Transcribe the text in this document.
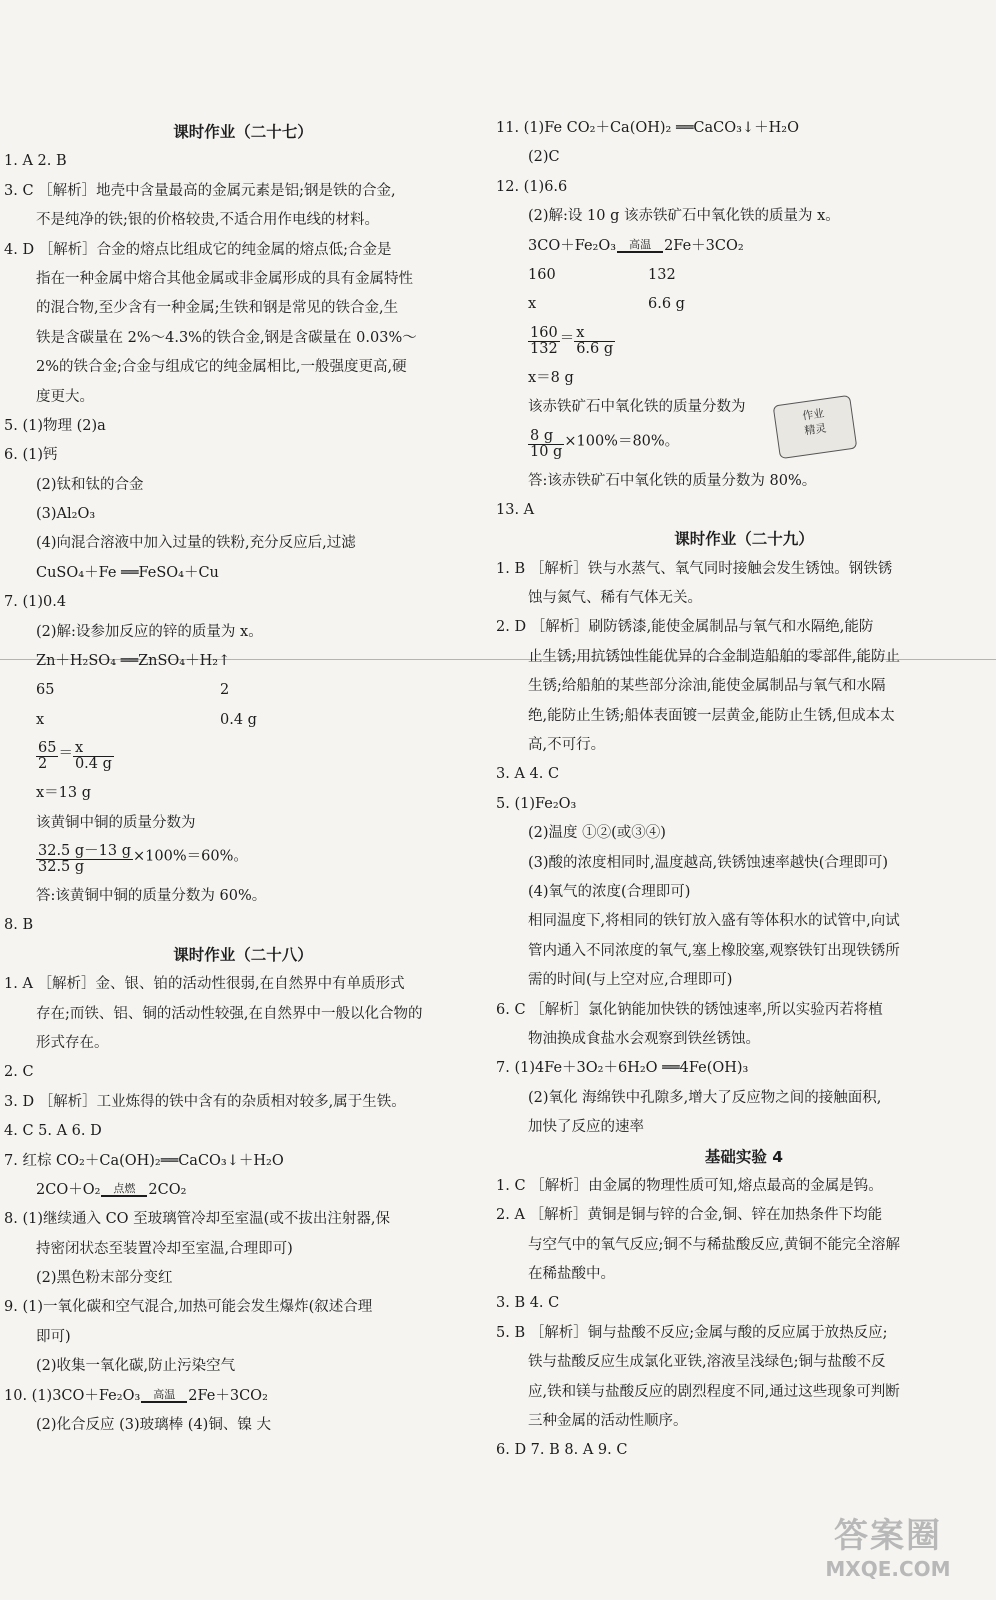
课时作业（二十七）
1. A 2. B
3. C ［解析］地壳中含量最高的金属元素是铝;钢是铁的合金,
不是纯净的铁;银的价格较贵,不适合用作电线的材料。
4. D ［解析］合金的熔点比组成它的纯金属的熔点低;合金是
指在一种金属中熔合其他金属或非金属形成的具有金属特性
的混合物,至少含有一种金属;生铁和钢是常见的铁合金,生
铁是含碳量在 2%～4.3%的铁合金,钢是含碳量在 0.03%～
2%的铁合金;合金与组成它的纯金属相比,一般强度更高,硬
度更大。
5. (1)物理 (2)a
6. (1)钙
(2)钛和钛的合金
(3)Al₂O₃
(4)向混合溶液中加入过量的铁粉,充分反应后,过滤
CuSO₄＋Fe ══FeSO₄＋Cu
7. (1)0.4
(2)解:设参加反应的锌的质量为 x。
Zn＋H₂SO₄ ══ZnSO₄＋H₂↑
65	2
x	0.4 g
$\frac{65}{2} = \frac{x}{0.4 g}$
x＝13 g
该黄铜中铜的质量分数为
$\frac{32.5 g-13 g}{32.5 g} \times 100\%=60\%$。
答:该黄铜中铜的质量分数为 60%。
8. B
课时作业（二十八）
1. A ［解析］金、银、铂的活动性很弱,在自然界中有单质形式
存在;而铁、铝、铜的活动性较强,在自然界中一般以化合物的
形式存在。
2. C
3. D ［解析］工业炼得的铁中含有的杂质相对较多,属于生铁。
4. C 5. A 6. D
7. 红棕 CO₂＋Ca(OH)₂══CaCO₃↓＋H₂O
2CO＋O₂	点燃 2CO₂
8. (1)继续通入 CO 至玻璃管冷却至室温(或不拔出注射器,保
持密闭状态至装置冷却至室温,合理即可)
(2)黑色粉末部分变红
9. (1)一氧化碳和空气混合,加热可能会发生爆炸(叙述合理
即可)
(2)收集一氧化碳,防止污染空气
10. (1)3CO＋Fe₂O₃	高温 2Fe＋3CO₂
(2)化合反应 (3)玻璃棒 (4)铜、镍 大
11. (1)Fe CO₂＋Ca(OH)₂ ══CaCO₃↓＋H₂O
(2)C
12. (1)6.6
(2)解:设 10 g 该赤铁矿石中氧化铁的质量为 x。
3CO＋Fe₂O₃	高温 2Fe＋3CO₂
160	132
x	6.6 g
$\frac{160}{132} = \frac{x}{6.6 g}$
x＝8 g
该赤铁矿石中氧化铁的质量分数为
$\frac{8 g}{10 g} \times 100\%=80\%$。
答:该赤铁矿石中氧化铁的质量分数为 80%。
13. A
课时作业（二十九）
1. B ［解析］铁与水蒸气、氧气同时接触会发生锈蚀。钢铁锈
蚀与氮气、稀有气体无关。
2. D ［解析］刷防锈漆,能使金属制品与氧气和水隔绝,能防
止生锈;用抗锈蚀性能优异的合金制造船舶的零部件,能防止
生锈;给船舶的某些部分涂油,能使金属制品与氧气和水隔
绝,能防止生锈;船体表面镀一层黄金,能防止生锈,但成本太
高,不可行。
3. A 4. C
5. (1)Fe₂O₃
(2)温度 ①②(或③④)
(3)酸的浓度相同时,温度越高,铁锈蚀速率越快(合理即可)
(4)氧气的浓度(合理即可)
相同温度下,将相同的铁钉放入盛有等体积水的试管中,向试
管内通入不同浓度的氧气,塞上橡胶塞,观察铁钉出现铁锈所
需的时间(与上空对应,合理即可)
6. C ［解析］氯化钠能加快铁的锈蚀速率,所以实验丙若将植
物油换成食盐水会观察到铁丝锈蚀。
7. (1)4Fe＋3O₂＋6H₂O ══4Fe(OH)₃
(2)氧化 海绵铁中孔隙多,增大了反应物之间的接触面积,
加快了反应的速率
基础实验 4
1. C ［解析］由金属的物理性质可知,熔点最高的金属是钨。
2. A ［解析］黄铜是铜与锌的合金,铜、锌在加热条件下均能
与空气中的氧气反应;铜不与稀盐酸反应,黄铜不能完全溶解
在稀盐酸中。
3. B 4. C
5. B ［解析］铜与盐酸不反应;金属与酸的反应属于放热反应;
铁与盐酸反应生成氯化亚铁,溶液呈浅绿色;铜与盐酸不反
应,铁和镁与盐酸反应的剧烈程度不同,通过这些现象可判断
三种金属的活动性顺序。
6. D 7. B 8. A 9. C
作业
精灵
答案圈
MXQE.COM
